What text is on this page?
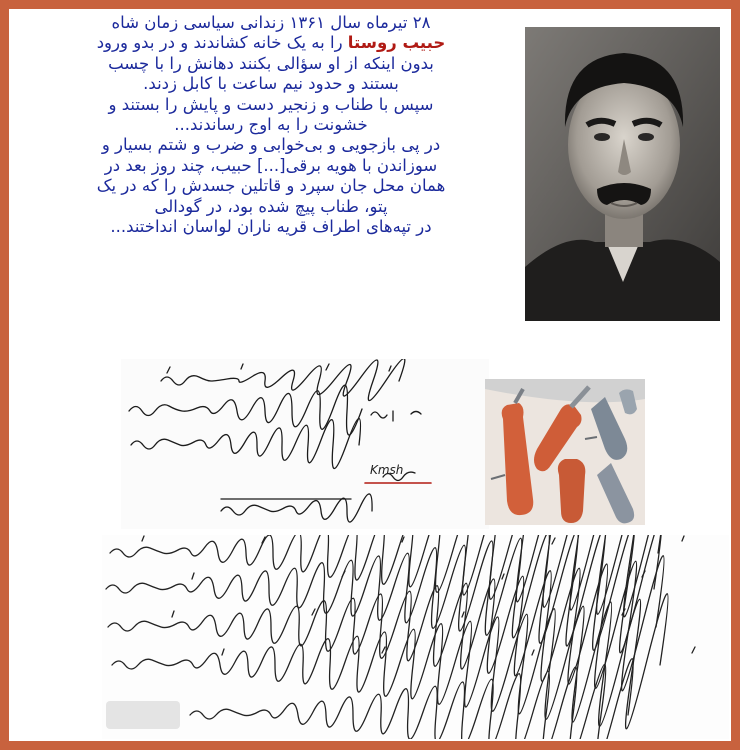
۲۸ تیرماه سال ۱۳۶۱ زندانی سیاسی زمان شاه
حبیب روستا را به یک خانه کشاندند و در بدو ورود
بدون اینکه از او سؤالی بکنند دهانش را با چسب
بستند و حدود نیم ساعت با کابل زدند.
سپس با طناب و زنجیر دست و پایش را بستند و
خشونت را به اوج رساندند...
در پی بازجویی و بی‌خوابی و ضرب و شتم بسیار و
سوزاندن با هویه برقی[...] حبیب، چند روز بعد در
همان محل جان سپرد و قاتلین جسدش را که در یک
پتو، طناب پیچ شده بود، در گودالی
در تپه‌های اطراف قریه ناران لواسان انداختند...
Kmsh
